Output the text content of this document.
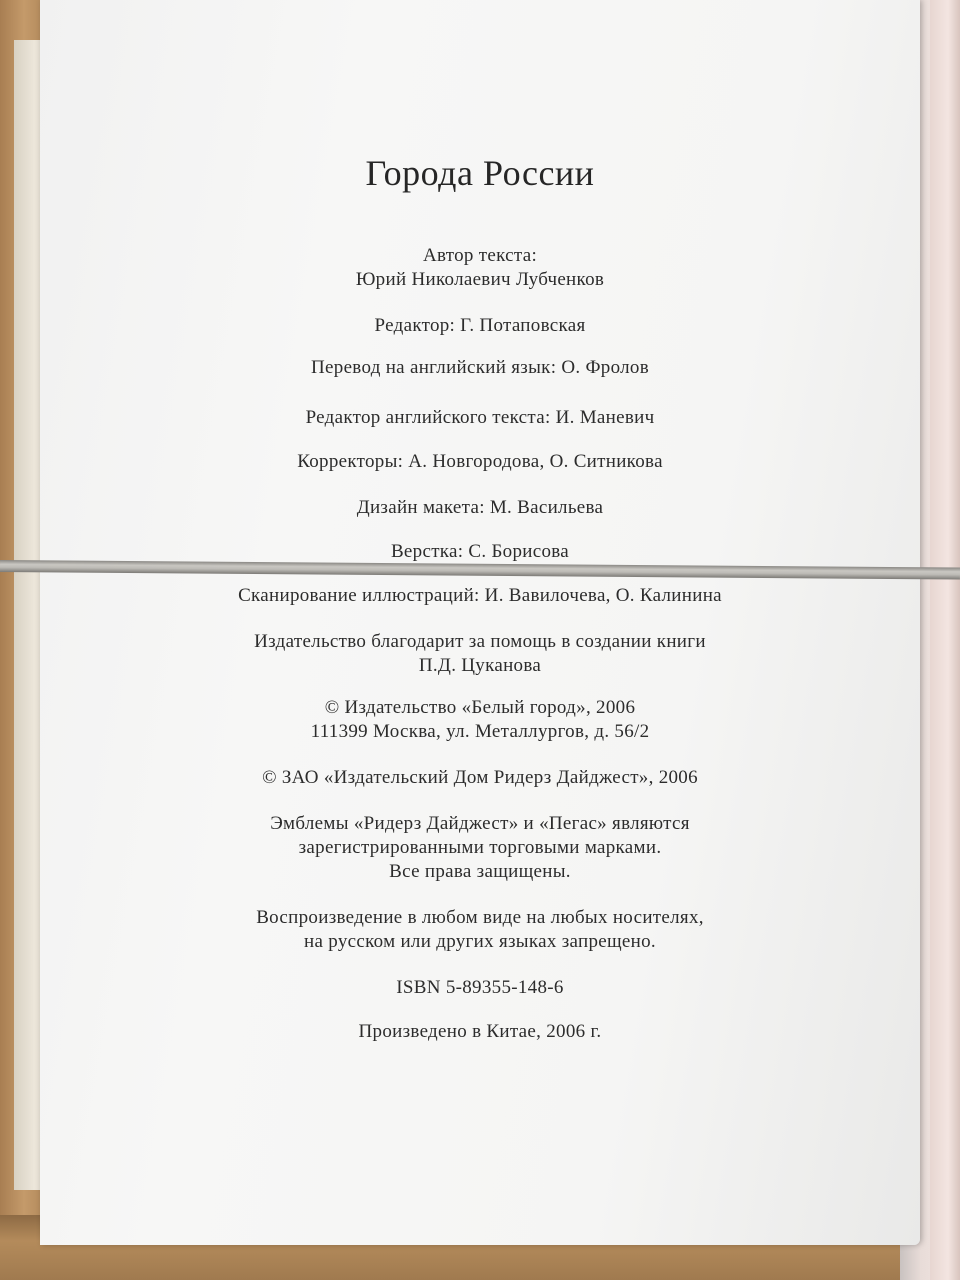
Города России
Автор текста:
Юрий Николаевич Лубченков
Редактор: Г. Потаповская
Перевод на английский язык: О. Фролов
Редактор английского текста: И. Маневич
Корректоры: А. Новгородова, О. Ситникова
Дизайн макета: М. Васильева
Верстка: С. Борисова
Сканирование иллюстраций: И. Вавилочева, О. Калинина
Издательство благодарит за помощь в создании книги
П.Д. Цуканова
© Издательство «Белый город», 2006
111399 Москва, ул. Металлургов, д. 56/2
© ЗАО «Издательский Дом Ридерз Дайджест», 2006
Эмблемы «Ридерз Дайджест» и «Пегас» являются
зарегистрированными торговыми марками.
Все права защищены.
Воспроизведение в любом виде на любых носителях,
на русском или других языках запрещено.
ISBN 5-89355-148-6
Произведено в Китае, 2006 г.
